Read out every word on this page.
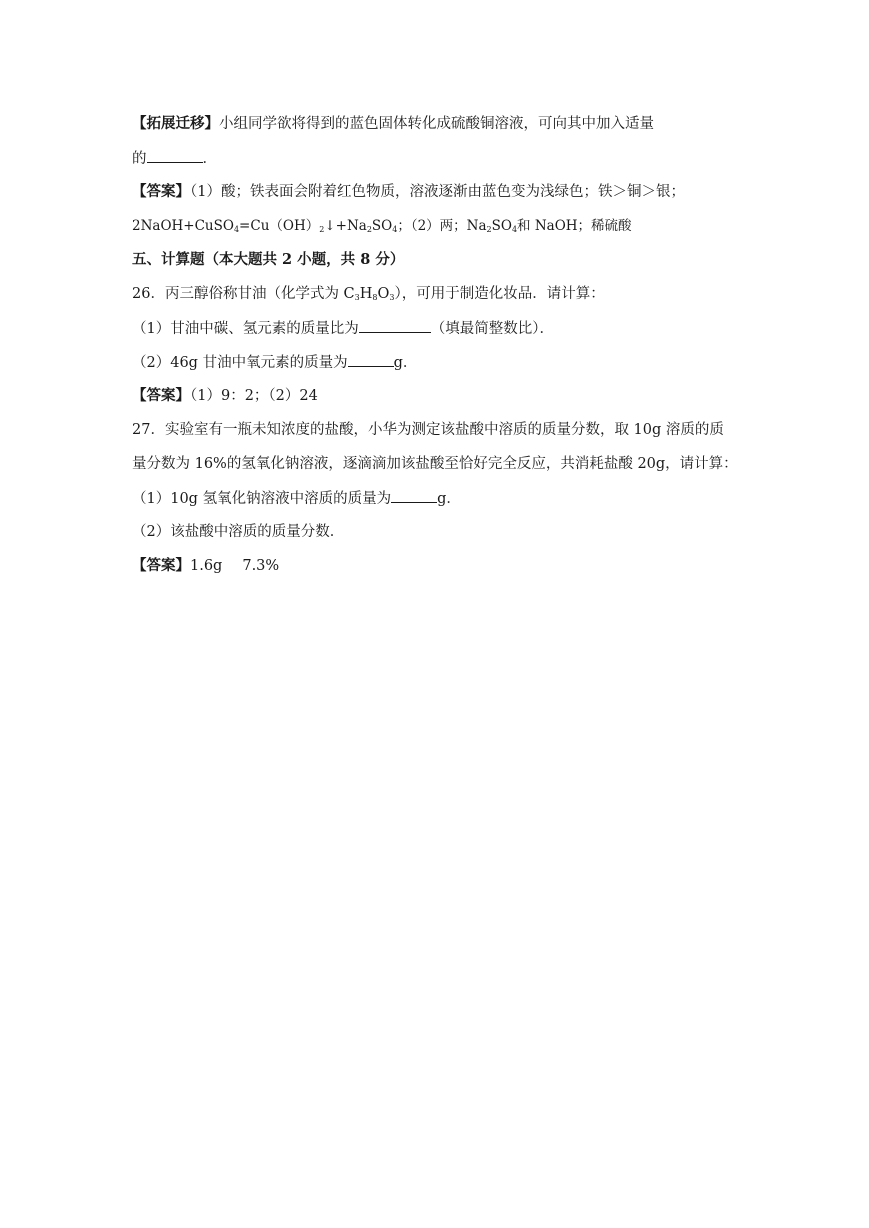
【拓展迁移】小组同学欲将得到的蓝色固体转化成硫酸铜溶液，可向其中加入适量
的	．
【答案】（1）酸；铁表面会附着红色物质，溶液逐渐由蓝色变为浅绿色；铁＞铜＞银；
$2NaOH+CuSO_4=Cu(OH)_2↓+Na_2SO_4$；（2）两；$Na_2SO_4$和 NaOH；稀硫酸
五、计算题（本大题共 2 小题，共 8 分）
26．丙三醇俗称甘油（化学式为 $C_3H_8O_3$），可用于制造化妆品．请计算：
（1）甘油中碳、氢元素的质量比为	（填最简整数比）．
（2）46g 甘油中氧元素的质量为	g．
【答案】（1）9：2；（2）24
27．实验室有一瓶未知浓度的盐酸，小华为测定该盐酸中溶质的质量分数，取 10g 溶质的质
量分数为 16%的氢氧化钠溶液，逐滴滴加该盐酸至恰好完全反应，共消耗盐酸 20g，请计算：
（1）10g 氢氧化钠溶液中溶质的质量为	g．
（2）该盐酸中溶质的质量分数．
【答案】1.6g 7.3%
